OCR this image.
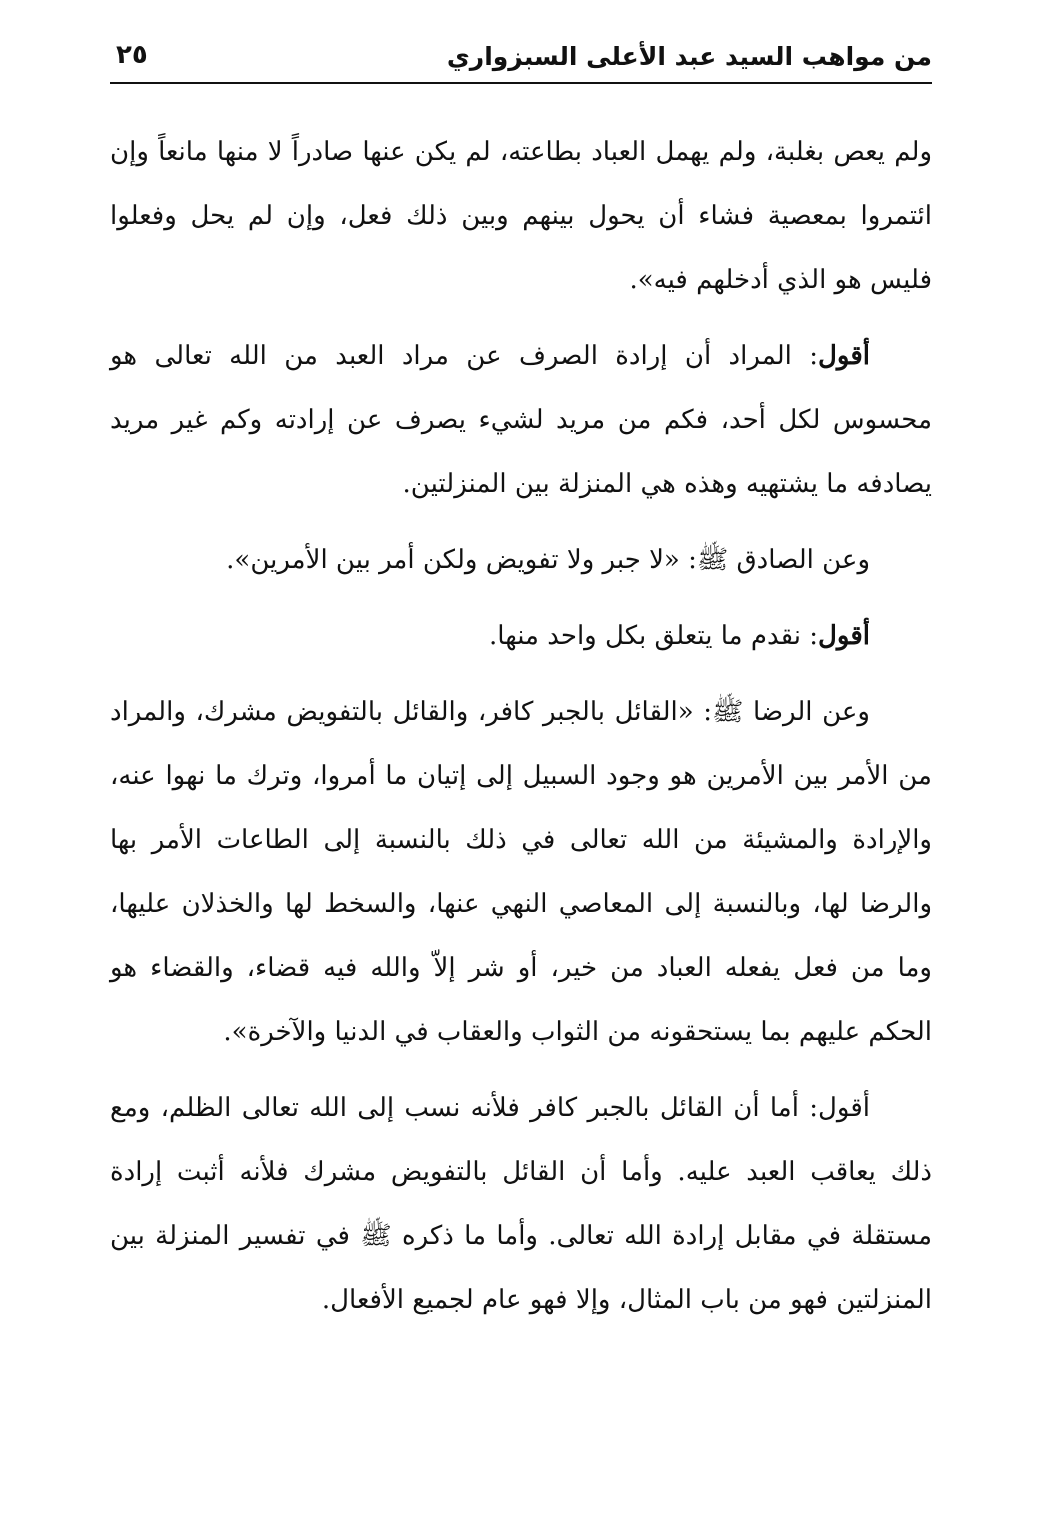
٢٥	من مواهب السيد عبد الأعلى السبزواري

ولم يعص بغلبة، ولم يهمل العباد بطاعته، لم يكن عنها صادراً لا منها مانعاً وإن ائتمروا بمعصية فشاء أن يحول بينهم وبين ذلك فعل، وإن لم يحل وفعلوا فليس هو الذي أدخلهم فيه».

أقول: المراد أن إرادة الصرف عن مراد العبد من الله تعالى هو محسوس لكل أحد، فكم من مريد لشيء يصرف عن إرادته وكم غير مريد يصادفه ما يشتهيه وهذه هي المنزلة بين المنزلتين.

وعن الصادق ﷺ: «لا جبر ولا تفويض ولكن أمر بين الأمرين».

أقول: نقدم ما يتعلق بكل واحد منها.

وعن الرضا ﷺ: «القائل بالجبر كافر، والقائل بالتفويض مشرك، والمراد من الأمر بين الأمرين هو وجود السبيل إلى إتيان ما أمروا، وترك ما نهوا عنه، والإرادة والمشيئة من الله تعالى في ذلك بالنسبة إلى الطاعات الأمر بها والرضا لها، وبالنسبة إلى المعاصي النهي عنها، والسخط لها والخذلان عليها، وما من فعل يفعله العباد من خير، أو شر إلاّ والله فيه قضاء، والقضاء هو الحكم عليهم بما يستحقونه من الثواب والعقاب في الدنيا والآخرة».

أقول: أما أن القائل بالجبر كافر فلأنه نسب إلى الله تعالى الظلم، ومع ذلك يعاقب العبد عليه. وأما أن القائل بالتفويض مشرك فلأنه أثبت إرادة مستقلة في مقابل إرادة الله تعالى. وأما ما ذكره ﷺ في تفسير المنزلة بين المنزلتين فهو من باب المثال، وإلا فهو عام لجميع الأفعال.
